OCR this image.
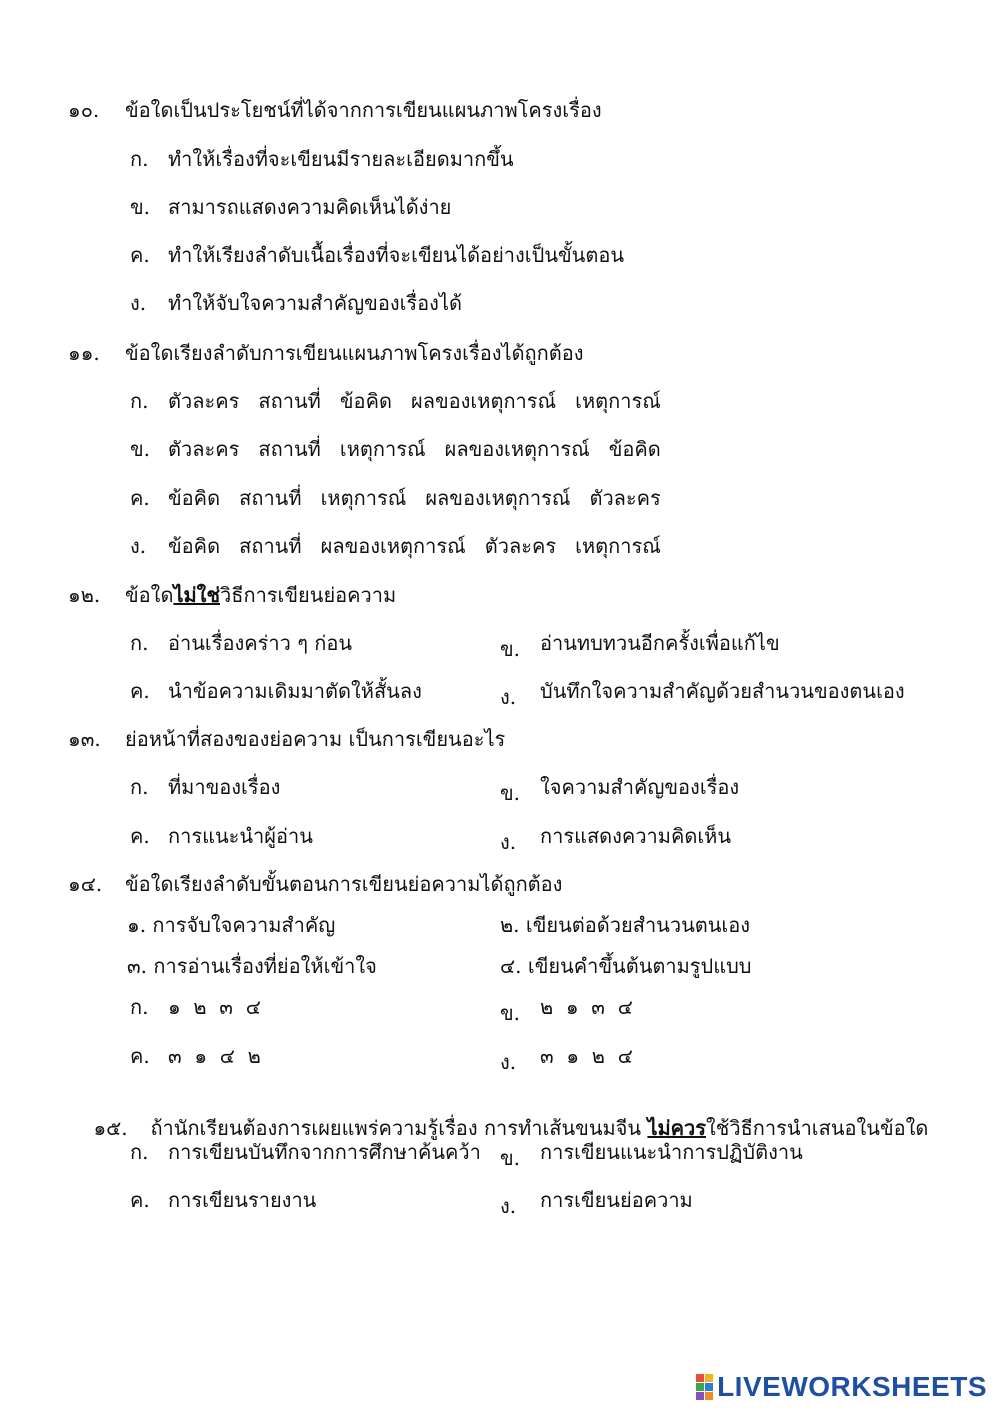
๑๐. ข้อใดเป็นประโยชน์ที่ได้จากการเขียนแผนภาพโครงเรื่อง
ก. ทำให้เรื่องที่จะเขียนมีรายละเอียดมากขึ้น
ข. สามารถแสดงความคิดเห็นได้ง่าย
ค. ทำให้เรียงลำดับเนื้อเรื่องที่จะเขียนได้อย่างเป็นขั้นตอน
ง. ทำให้จับใจความสำคัญของเรื่องได้
๑๑. ข้อใดเรียงลำดับการเขียนแผนภาพโครงเรื่องได้ถูกต้อง
ก. ตัวละคร   สถานที่   ข้อคิด   ผลของเหตุการณ์   เหตุการณ์
ข. ตัวละคร   สถานที่   เหตุการณ์   ผลของเหตุการณ์   ข้อคิด
ค. ข้อคิด   สถานที่   เหตุการณ์   ผลของเหตุการณ์   ตัวละคร
ง. ข้อคิด   สถานที่   ผลของเหตุการณ์   ตัวละคร   เหตุการณ์
๑๒. ข้อใดไม่ใช่วิธีการเขียนย่อความ
ก. อ่านเรื่องคร่าว ๆ ก่อน	ข. อ่านทบทวนอีกครั้งเพื่อแก้ไข
ค. นำข้อความเดิมมาตัดให้สั้นลง	ง. บันทึกใจความสำคัญด้วยสำนวนของตนเอง
๑๓. ย่อหน้าที่สองของย่อความ เป็นการเขียนอะไร
ก. ที่มาของเรื่อง	ข. ใจความสำคัญของเรื่อง
ค. การแนะนำผู้อ่าน	ง. การแสดงความคิดเห็น
๑๔. ข้อใดเรียงลำดับขั้นตอนการเขียนย่อความได้ถูกต้อง
๑. การจับใจความสำคัญ	๒. เขียนต่อด้วยสำนวนตนเอง
๓. การอ่านเรื่องที่ย่อให้เข้าใจ	๔. เขียนคำขึ้นต้นตามรูปแบบ
ก. ๑  ๒  ๓  ๔	ข. ๒  ๑  ๓  ๔
ค. ๓  ๑  ๔  ๒	ง. ๓  ๑  ๒  ๔

๑๕. ถ้านักเรียนต้องการเผยแพร่ความรู้เรื่อง การทำเส้นขนมจีน ไม่ควรใช้วิธีการนำเสนอในข้อใด

ก. การเขียนบันทึกจากการศึกษาค้นคว้า ข. การเขียนแนะนำการปฏิบัติงาน
ค. การเขียนรายงาน	ง. การเขียนย่อความ
LIVEWORKSHEETS
